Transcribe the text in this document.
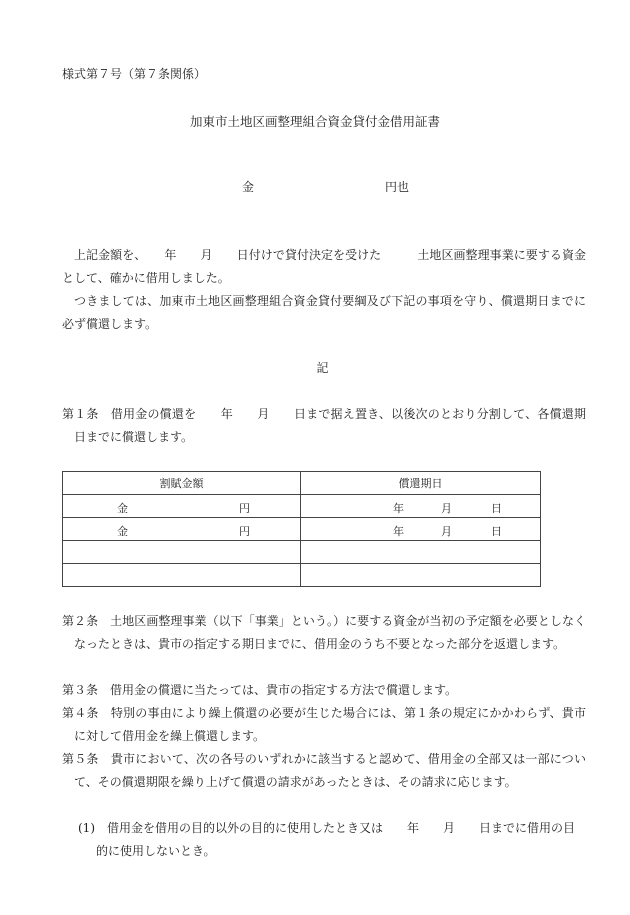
様式第７号（第７条関係）
加東市土地区画整理組合資金貸付金借用証書
金	円也
上記金額を、　　年　　月　　日付けで貸付決定を受けた　　　土地区画整理事業に要する資金として、確かに借用しました。
つきましては、加東市土地区画整理組合資金貸付要綱及び下記の事項を守り、償還期日までに必ず償還します。
記
第１条　借用金の償還を　　年　　月　　日まで据え置き、以後次のとおり分割して、各償還期日までに償還します。
割賦金額	償還期日

金 円	年 月 日

金 円	年 月 日

第２条　土地区画整理事業（以下「事業」という。）に要する資金が当初の予定額を必要としなくなったときは、貴市の指定する期日までに、借用金のうち不要となった部分を返還します。
第３条　借用金の償還に当たっては、貴市の指定する方法で償還します。
第４条　特別の事由により繰上償還の必要が生じた場合には、第１条の規定にかかわらず、貴市に対して借用金を繰上償還します。
第５条　貴市において、次の各号のいずれかに該当すると認めて、借用金の全部又は一部について、その償還期限を繰り上げて償還の請求があったときは、その請求に応じます。
(1)　借用金を借用の目的以外の目的に使用したとき又は　　年　　月　　日までに借用の目的に使用しないとき。
